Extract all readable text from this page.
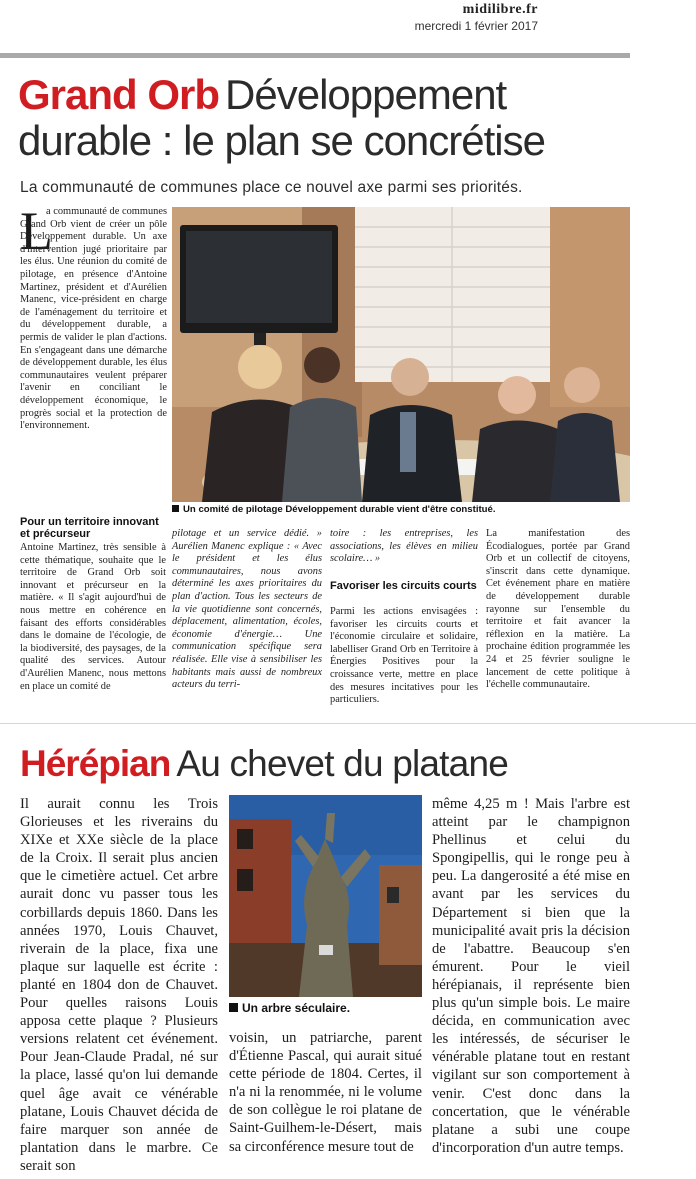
midilibre.fr
mercredi 1 février 2017
Grand Orb Développement durable : le plan se concrétise
La communauté de communes place ce nouvel axe parmi ses priorités.
L

a communauté de communes Grand Orb vient de créer un pôle Développement durable. Un axe d'intervention jugé prioritaire par les élus. Une réunion du comité de pilotage, en présence d'Antoine Martinez, président et d'Aurélien Manenc, vice-président en charge de l'aménagement du territoire et du développement durable, a permis de valider le plan d'actions. En s'engageant dans une démarche de développement durable, les élus communautaires veulent préparer l'avenir en conciliant le développement économique, le progrès social et la protection de l'environnement.

Un comité de pilotage Développement durable vient d'être constitué.
Pour un territoire innovant et précurseur

Antoine Martinez, très sensible à cette thématique, souhaite que le territoire de Grand Orb soit innovant et précurseur en la matière. « Il s'agit aujourd'hui de nous mettre en cohérence en faisant des efforts considérables dans le domaine de l'écologie, de la biodiversité, des paysages, de la qualité des services. Autour d'Aurélien Manenc, nous mettons en place un comité de

pilotage et un service dédié. » Aurélien Manenc explique : « Avec le président et les élus communautaires, nous avons déterminé les axes prioritaires du plan d'action. Tous les secteurs de la vie quotidienne sont concernés, déplacement, alimentation, écoles, économie d'énergie… Une communication spécifique sera réalisée. Elle vise à sensibiliser les habitants mais aussi de nombreux acteurs du terri-

toire : les entreprises, les associations, les élèves en milieu scolaire… »

Favoriser les circuits courts

Parmi les actions envisagées : favoriser les circuits courts et l'économie circulaire et solidaire, labelliser Grand Orb en Territoire à Énergies Positives pour la croissance verte, mettre en place des mesures incitatives pour les particuliers.

La manifestation des Écodialogues, portée par Grand Orb et un collectif de citoyens, s'inscrit dans cette dynamique. Cet événement phare en matière de développement durable rayonne sur l'ensemble du territoire et fait avancer la réflexion en la matière. La prochaine édition programmée les 24 et 25 février souligne le lancement de cette politique à l'échelle communautaire.

Hérépian Au chevet du platane

Il aurait connu les Trois Glorieuses et les riverains du XIXe et XXe siècle de la place de la Croix. Il serait plus ancien que le cimetière actuel. Cet arbre aurait donc vu passer tous les corbillards depuis 1860. Dans les années 1970, Louis Chauvet, riverain de la place, fixa une plaque sur laquelle est écrite : planté en 1804 don de Chauvet. Pour quelles raisons Louis apposa cette plaque ? Plusieurs versions relatent cet événement. Pour Jean-Claude Pradal, né sur la place, lassé qu'on lui demande quel âge avait ce vénérable platane, Louis Chauvet décida de faire marquer son année de plantation dans le marbre. Ce serait son

Un arbre séculaire.

voisin, un patriarche, parent d'Étienne Pascal, qui aurait situé cette période de 1804. Certes, il n'a ni la renommée, ni le volume de son collègue le roi platane de Saint-Guilhem-le-Désert, mais sa circonférence mesure tout de

même 4,25 m ! Mais l'arbre est atteint par le champignon Phellinus et celui du Spongipellis, qui le ronge peu à peu. La dangerosité a été mise en avant par les services du Département si bien que la municipalité avait pris la décision de l'abattre. Beaucoup s'en émurent. Pour le vieil hérépianais, il représente bien plus qu'un simple bois. Le maire décida, en communication avec les intéressés, de sécuriser le vénérable platane tout en restant vigilant sur son comportement à venir. C'est donc dans la concertation, que le vénérable platane a subi une coupe d'incorporation d'un autre temps.
